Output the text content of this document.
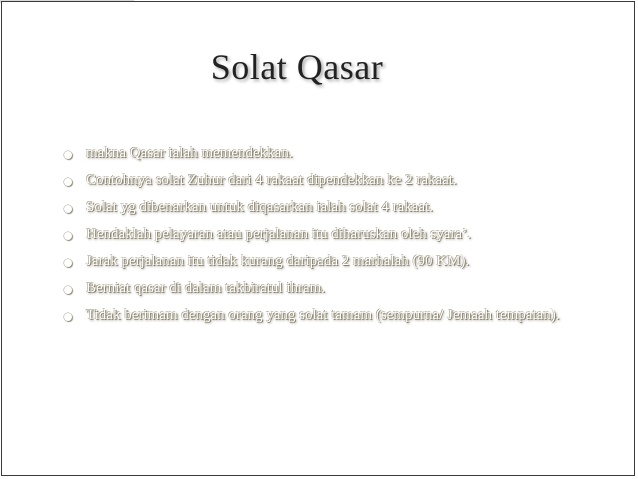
Solat Qasar
makna Qasar ialah memendekkan.
Contohnya solat Zuhur dari 4 rakaat dipendekkan ke 2 rakaat.
Solat yg dibenarkan untuk diqasarkan ialah solat 4 rakaat.
Hendaklah pelayaran atau perjalanan itu diharuskan oleh syara’.
Jarak perjalanan itu tidak kurang daripada 2 marhalah (90 KM).
Berniat qasar di dalam takbiratul ihram.
Tidak berimam dengan orang yang solat tamam (sempurna/ Jemaah tempatan).
